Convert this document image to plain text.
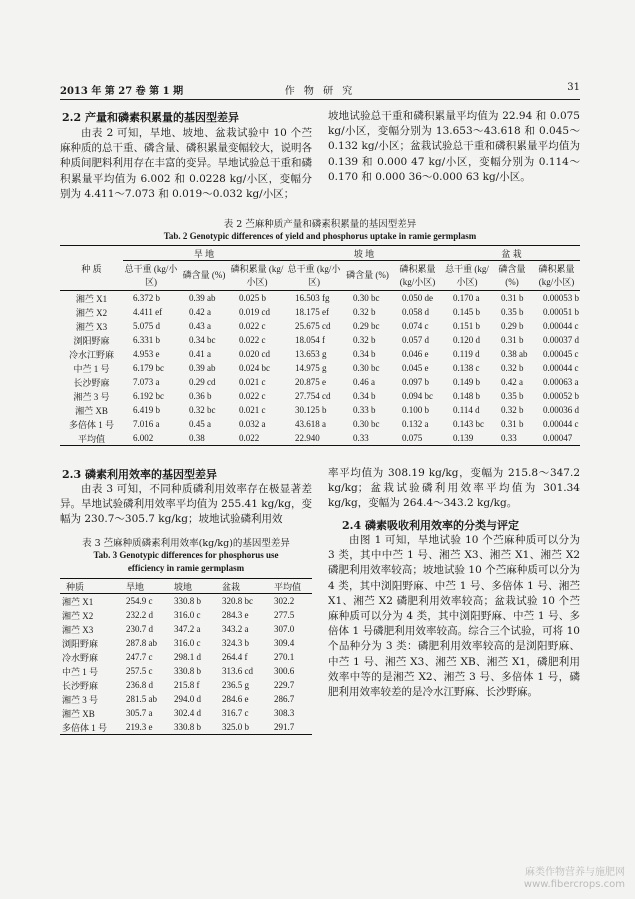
2013 年 第 27 卷 第 1 期	作 物 研 究	31
2.2 产量和磷素积累量的基因型差异
由表 2 可知，旱地、坡地、盆栽试验中 10 个苎麻种质的总干重、磷含量、磷积累量变幅较大，说明各种质间肥料利用存在丰富的变异。旱地试验总干重和磷积累量平均值为 6.002 和 0.0228 kg/小区，变幅分别为 4.411～7.073 和 0.019～0.032 kg/小区；
坡地试验总干重和磷积累量平均值为 22.94 和 0.075 kg/小区，变幅分别为 13.653～43.618 和 0.045～0.132 kg/小区；盆栽试验总干重和磷积累量平均值为 0.139 和 0.000 47 kg/小区，变幅分别为 0.114～0.170 和 0.000 36～0.000 63 kg/小区。
表 2 苎麻种质产量和磷素积累量的基因型差异
Tab. 2 Genotypic differences of yield and phosphorus uptake in ramie germplasm
种 质	旱 地			坡 地			盆 栽		
	总干重 (kg/小区)	磷含量 (%)	磷积累量 (kg/小区)	总干重 (kg/小区)	磷含量 (%)	磷积累量 (kg/小区)	总干重 (kg/小区)	磷含量 (%)	磷积累量 (kg/小区)
湘苎 X1	6.372 b	0.39 ab	0.025 b	16.503 fg	0.30 bc	0.050 de	0.170 a	0.31 b	0.00053 b
湘苎 X2	4.411 ef	0.42 a	0.019 cd	18.175 ef	0.32 b	0.058 d	0.145 b	0.35 b	0.00051 b
湘苎 X3	5.075 d	0.43 a	0.022 c	25.675 cd	0.29 bc	0.074 c	0.151 b	0.29 b	0.00044 c
浏阳野麻	6.331 b	0.34 bc	0.022 c	18.054 f	0.32 b	0.057 d	0.120 d	0.31 b	0.00037 d
冷水江野麻	4.953 e	0.41 a	0.020 cd	13.653 g	0.34 b	0.046 e	0.119 d	0.38 ab	0.00045 c
中苎 1 号	6.179 bc	0.39 ab	0.024 bc	14.975 g	0.30 bc	0.045 e	0.138 c	0.32 b	0.00044 c
长沙野麻	7.073 a	0.29 cd	0.021 c	20.875 e	0.46 a	0.097 b	0.149 b	0.42 a	0.00063 a
湘苎 3 号	6.192 bc	0.36 b	0.022 c	27.754 cd	0.34 b	0.094 bc	0.148 b	0.35 b	0.00052 b
湘苎 XB	6.419 b	0.32 bc	0.021 c	30.125 b	0.33 b	0.100 b	0.114 d	0.32 b	0.00036 d
多倍体 1 号	7.016 a	0.45 a	0.032 a	43.618 a	0.30 bc	0.132 a	0.143 bc	0.31 b	0.00044 c
平均值	6.002	0.38	0.022	22.940	0.33	0.075	0.139	0.33	0.00047
2.3 磷素利用效率的基因型差异
由表 3 可知，不同种质磷利用效率存在极显著差异。旱地试验磷利用效率平均值为 255.41 kg/kg，变幅为 230.7～305.7 kg/kg；坡地试验磷利用效
率平均值为 308.19 kg/kg，变幅为 215.8～347.2 kg/kg；盆栽试验磷利用效率平均值为 301.34 kg/kg，变幅为 264.4～343.2 kg/kg。
表 3 苎麻种质磷素利用效率(kg/kg)的基因型差异
Tab. 3 Genotypic differences for phosphorus use
efficiency in ramie germplasm
种质	旱地	坡地	盆栽	平均值
湘苎 X1	254.9 c	330.8 b	320.8 bc	302.2
湘苎 X2	232.2 d	316.0 c	284.3 e	277.5
湘苎 X3	230.7 d	347.2 a	343.2 a	307.0
浏阳野麻	287.8 ab	316.0 c	324.3 b	309.4
冷水野麻	247.7 c	298.1 d	264.4 f	270.1
中苎 1 号	257.5 c	330.8 b	313.6 cd	300.6
长沙野麻	236.8 d	215.8 f	236.5 g	229.7
湘苎 3 号	281.5 ab	294.0 d	284.6 e	286.7
湘苎 XB	305.7 a	302.4 d	316.7 c	308.3
多倍体 1 号	219.3 e	330.8 b	325.0 b	291.7
2.4 磷素吸收利用效率的分类与评定
由图 1 可知，旱地试验 10 个苎麻种质可以分为 3 类，其中中苎 1 号、湘苎 X3、湘苎 X1、湘苎 X2 磷肥利用效率较高；坡地试验 10 个苎麻种质可以分为 4 类，其中浏阳野麻、中苎 1 号、多倍体 1 号、湘苎 X1、湘苎 X2 磷肥利用效率较高；盆栽试验 10 个苎麻种质可以分为 4 类，其中浏阳野麻、中苎 1 号、多倍体 1 号磷肥利用效率较高。综合三个试验，可将 10 个品种分为 3 类：磷肥利用效率较高的是浏阳野麻、中苎 1 号、湘苎 X3、湘苎 XB、湘苎 X1，磷肥利用效率中等的是湘苎 X2、湘苎 3 号、多倍体 1 号，磷肥利用效率较差的是冷水江野麻、长沙野麻。
麻类作物营养与施肥网
www.fibercrops.com
